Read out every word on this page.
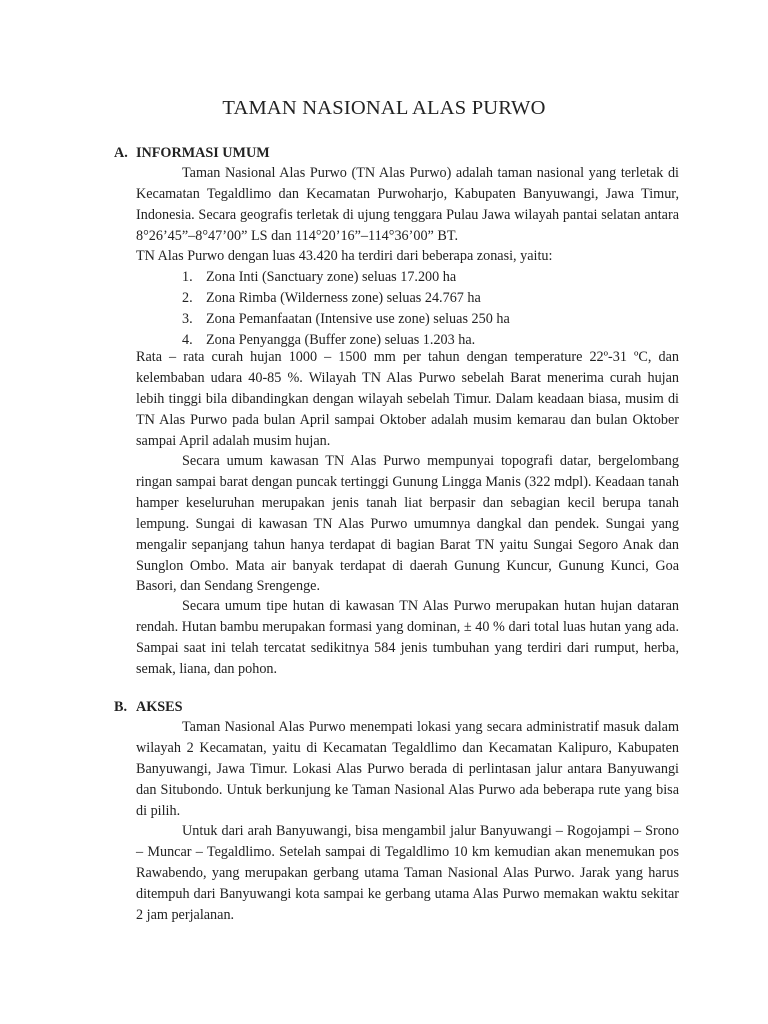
TAMAN NASIONAL ALAS PURWO
A. INFORMASI UMUM

Taman Nasional Alas Purwo (TN Alas Purwo) adalah taman nasional yang terletak di Kecamatan Tegaldlimo dan Kecamatan Purwoharjo, Kabupaten Banyuwangi, Jawa Timur, Indonesia. Secara geografis terletak di ujung tenggara Pulau Jawa wilayah pantai selatan antara 8°26’45”–8°47’00” LS dan 114°20’16”–114°36’00” BT.

TN Alas Purwo dengan luas 43.420 ha terdiri dari beberapa zonasi, yaitu:
1. Zona Inti (Sanctuary zone) seluas 17.200 ha
2. Zona Rimba (Wilderness zone) seluas 24.767 ha
3. Zona Pemanfaatan (Intensive use zone) seluas 250 ha
4. Zona Penyangga (Buffer zone) seluas 1.203 ha.

Rata – rata curah hujan 1000 – 1500 mm per tahun dengan temperature 22º-31 ºC, dan kelembaban udara 40-85 %. Wilayah TN Alas Purwo sebelah Barat menerima curah hujan lebih tinggi bila dibandingkan dengan wilayah sebelah Timur. Dalam keadaan biasa, musim di TN Alas Purwo pada bulan April sampai Oktober adalah musim kemarau dan bulan Oktober sampai April adalah musim hujan.

Secara umum kawasan TN Alas Purwo mempunyai topografi datar, bergelombang ringan sampai barat dengan puncak tertinggi Gunung Lingga Manis (322 mdpl). Keadaan tanah hamper keseluruhan merupakan jenis tanah liat berpasir dan sebagian kecil berupa tanah lempung. Sungai di kawasan TN Alas Purwo umumnya dangkal dan pendek. Sungai yang mengalir sepanjang tahun hanya terdapat di bagian Barat TN yaitu Sungai Segoro Anak dan Sunglon Ombo. Mata air banyak terdapat di daerah Gunung Kuncur, Gunung Kunci, Goa Basori, dan Sendang Srengenge.

Secara umum tipe hutan di kawasan TN Alas Purwo merupakan hutan hujan dataran rendah. Hutan bambu merupakan formasi yang dominan, ± 40 % dari total luas hutan yang ada. Sampai saat ini telah tercatat sedikitnya 584 jenis tumbuhan yang terdiri dari rumput, herba, semak, liana, dan pohon.

B. AKSES

Taman Nasional Alas Purwo menempati lokasi yang secara administratif masuk dalam wilayah 2 Kecamatan, yaitu di Kecamatan Tegaldlimo dan Kecamatan Kalipuro, Kabupaten Banyuwangi, Jawa Timur. Lokasi Alas Purwo berada di perlintasan jalur antara Banyuwangi dan Situbondo. Untuk berkunjung ke Taman Nasional Alas Purwo ada beberapa rute yang bisa di pilih.

Untuk dari arah Banyuwangi, bisa mengambil jalur Banyuwangi – Rogojampi – Srono – Muncar – Tegaldlimo. Setelah sampai di Tegaldlimo 10 km kemudian akan menemukan pos Rawabendo, yang merupakan gerbang utama Taman Nasional Alas Purwo. Jarak yang harus ditempuh dari Banyuwangi kota sampai ke gerbang utama Alas Purwo memakan waktu sekitar 2 jam perjalanan.
